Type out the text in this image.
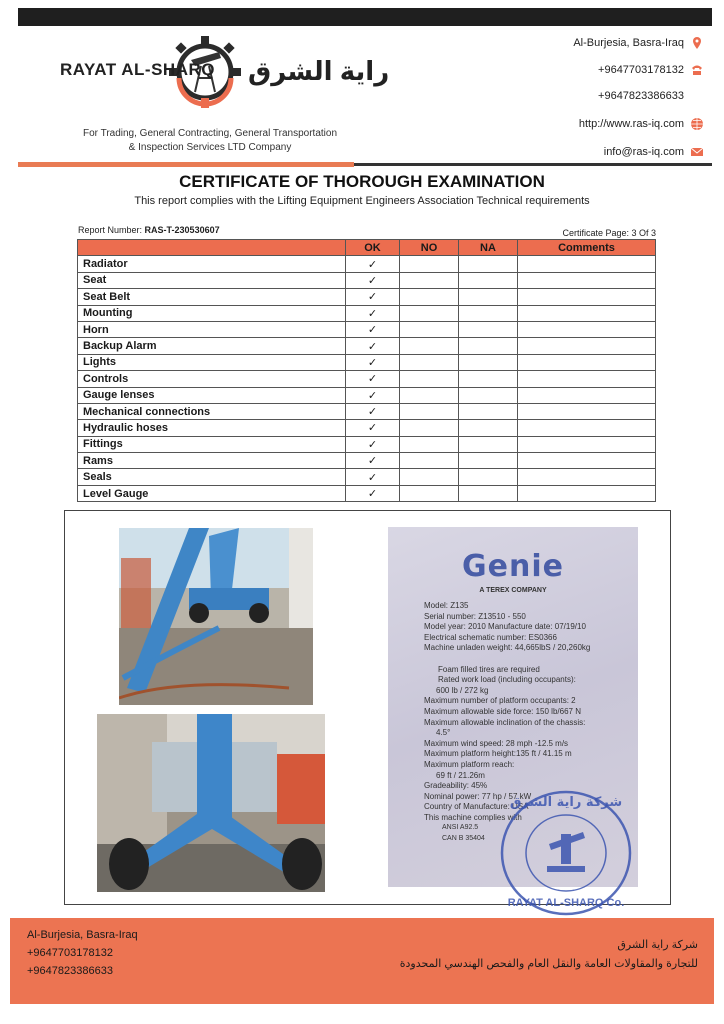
RAYAT AL-SHARQ راية الشرق
For Trading, General Contracting, General Transportation
& Inspection Services LTD Company
Al-Burjesia, Basra-Iraq
+9647703178132
+9647823386633
http://www.ras-iq.com
info@ras-iq.com
CERTIFICATE OF THOROUGH EXAMINATION
This report complies with the Lifting Equipment Engineers Association Technical requirements
Report Number: RAS-T-230530607	Certificate Page: 3 Of 3
	OK	NO	NA	Comments
Radiator	✓			
Seat	✓			
Seat Belt	✓			
Mounting	✓			
Horn	✓			
Backup Alarm	✓			
Lights	✓			
Controls	✓			
Gauge lenses	✓			
Mechanical connections	✓			
Hydraulic hoses	✓			
Fittings	✓			
Rams	✓			
Seals	✓			
Level Gauge	✓			
Genie
A TEREX COMPANY
Model: Z135
Serial number: Z13510 - 550
Model year: 2010 Manufacture date: 07/19/10
Electrical schematic number: ES0366
Machine unladen weight: 44,665lbS / 20,260kg
Foam filled tires are required
Rated work load (including occupants):
600 lb / 272 kg
Maximum number of platform occupants: 2
Maximum allowable side force: 150 lb/667 N
Maximum allowable inclination of the chassis:
4.5°
Maximum wind speed: 28 mph -12.5 m/s
Maximum platform height:135 ft / 41.15 m
Maximum platform reach:
69 ft / 21.26m
Gradeability: 45%
Nominal power: 77 hp / 57 kW
Country of Manufacture: USA
This machine complies with
ANSI A92.5
CAN B 35404
شركة راية الشرق
RAYAT AL-SHARQ Co.
Al-Burjesia, Basra-Iraq
+9647703178132
+9647823386633
شركة راية الشرق
للتجارة والمقاولات العامة والنقل العام والفحص الهندسي المحدودة
